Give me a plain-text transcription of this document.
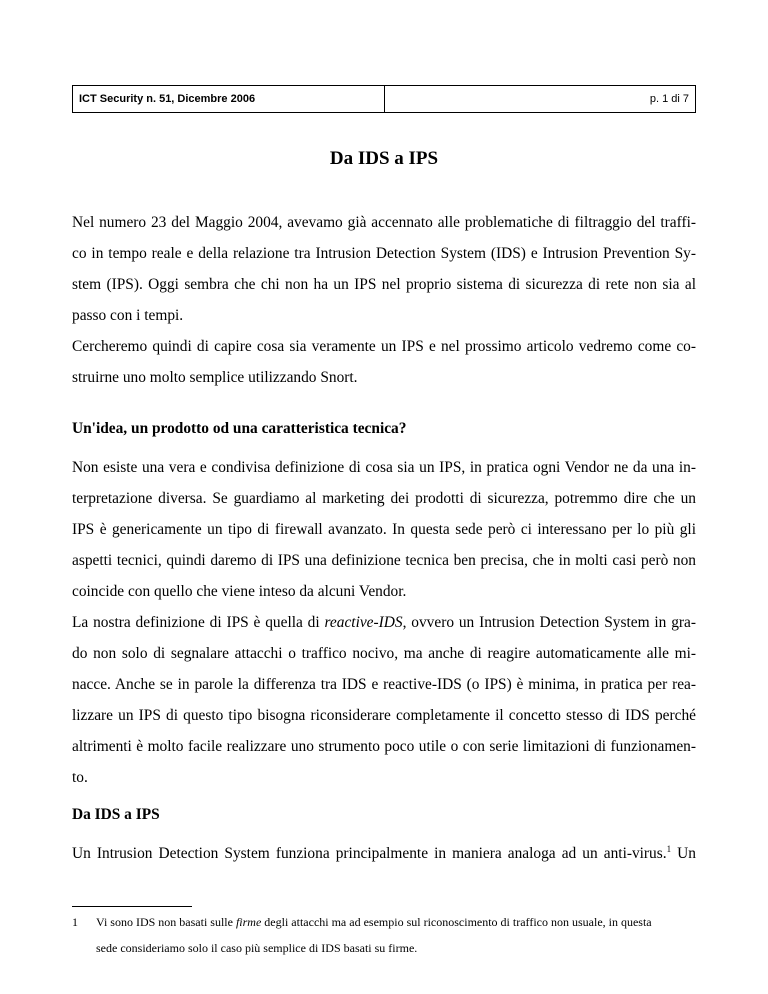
ICT Security n. 51, Dicembre 2006	p. 1 di 7
Da IDS a IPS
Nel numero 23 del Maggio 2004, avevamo già accennato alle problematiche di filtraggio del traffi-
co in tempo reale e della relazione tra Intrusion Detection System (IDS) e Intrusion Prevention Sy-
stem (IPS). Oggi sembra che chi non ha un IPS nel proprio sistema di sicurezza di rete non sia al
passo con i tempi.
Cercheremo quindi di capire cosa sia veramente un IPS e nel prossimo articolo vedremo come co-
struirne uno molto semplice utilizzando Snort.
Un'idea, un prodotto od una caratteristica tecnica?
Non esiste una vera e condivisa definizione di cosa sia un IPS, in pratica ogni Vendor ne da una in-
terpretazione diversa. Se guardiamo al marketing dei prodotti di sicurezza, potremmo dire che un
IPS è genericamente un tipo di firewall avanzato. In questa sede però ci interessano per lo più gli
aspetti tecnici, quindi daremo di IPS una definizione tecnica ben precisa, che in molti casi però non
coincide con quello che viene inteso da alcuni Vendor.
La nostra definizione di IPS è quella di reactive-IDS, ovvero un Intrusion Detection System in gra-
do non solo di segnalare attacchi o traffico nocivo, ma anche di reagire automaticamente alle mi-
nacce. Anche se in parole la differenza tra IDS e reactive-IDS (o IPS) è minima, in pratica per rea-
lizzare un IPS di questo tipo bisogna riconsiderare completamente il concetto stesso di IDS perché
altrimenti è molto facile realizzare uno strumento poco utile o con serie limitazioni di funzionamen-
to.
Da IDS a IPS
Un Intrusion Detection System funziona principalmente in maniera analoga ad un anti-virus.$^1$ Un
1 Vi sono IDS non basati sulle firme degli attacchi ma ad esempio sul riconoscimento di traffico non usuale, in questa
sede consideriamo solo il caso più semplice di IDS basati su firme.
